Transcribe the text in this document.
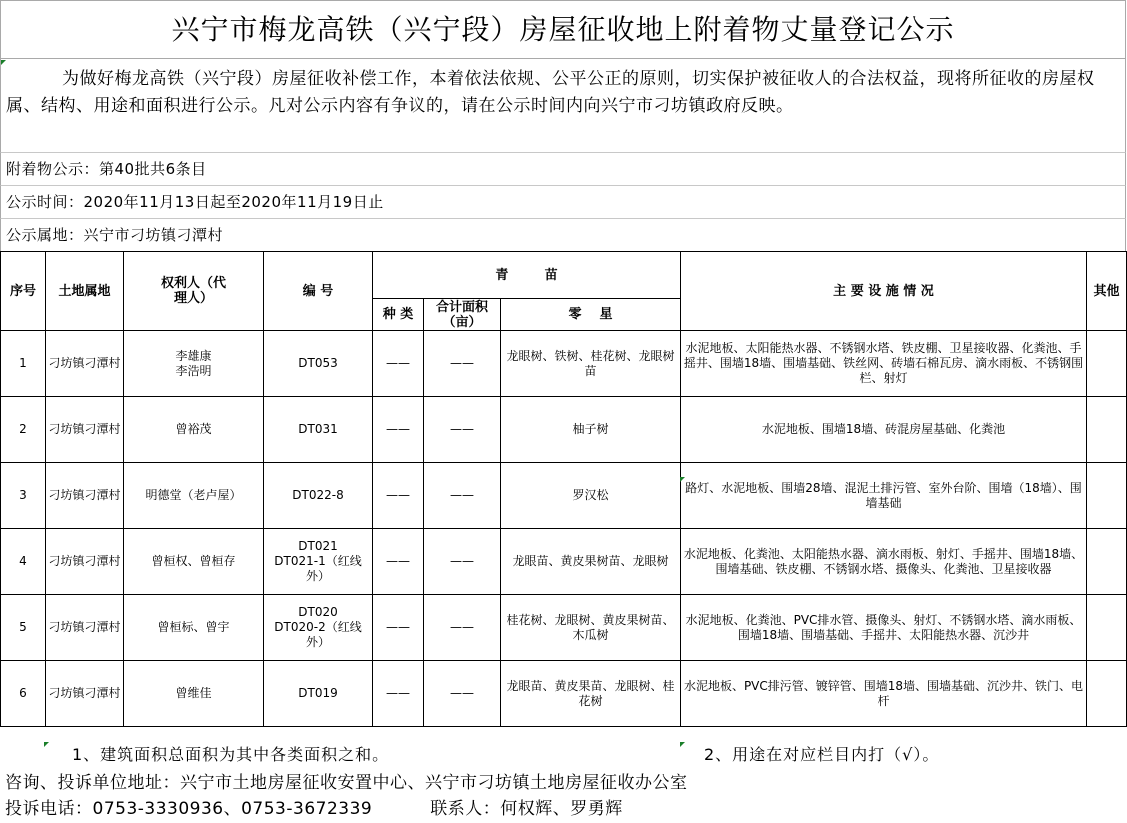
兴宁市梅龙高铁（兴宁段）房屋征收地上附着物丈量登记公示
为做好梅龙高铁（兴宁段）房屋征收补偿工作，本着依法依规、公平公正的原则，切实保护被征收人的合法权益，现将所征收的房屋权属、结构、用途和面积进行公示。凡对公示内容有争议的，请在公示时间内向兴宁市刁坊镇政府反映。
附着物公示：第40批共6条目
公示时间：2020年11月13日起至2020年11月19日止
公示属地：兴宁市刁坊镇刁潭村
序号	土地属地	权利人（代理人）	编 号	青        苗			主 要 设 施 情 况	其他
				种 类	合计面积（亩）	零    星		
1	刁坊镇刁潭村	李雄康
李浩明	DT053	——	——	龙眼树、铁树、桂花树、龙眼树苗	水泥地板、太阳能热水器、不锈钢水塔、铁皮棚、卫星接收器、化粪池、手摇井、围墙18墙、围墙基础、铁丝网、砖墙石棉瓦房、滴水雨板、不锈钢围栏、射灯	
2	刁坊镇刁潭村	曾裕茂	DT031	——	——	柚子树	水泥地板、围墙18墙、砖混房屋基础、化粪池	
3	刁坊镇刁潭村	明德堂（老卢屋）	DT022-8	——	——	罗汉松	路灯、水泥地板、围墙28墙、混泥土排污管、室外台阶、围墙（18墙）、围墙基础	
4	刁坊镇刁潭村	曾桓权、曾桓存	DT021
DT021-1（红线外）	——	——	龙眼苗、黄皮果树苗、龙眼树	水泥地板、化粪池、太阳能热水器、滴水雨板、射灯、手摇井、围墙18墙、围墙基础、铁皮棚、不锈钢水塔、摄像头、化粪池、卫星接收器	
5	刁坊镇刁潭村	曾桓标、曾宇	DT020
DT020-2（红线外）	——	——	桂花树、龙眼树、黄皮果树苗、木瓜树	水泥地板、化粪池、PVC排水管、摄像头、射灯、不锈钢水塔、滴水雨板、围墙18墙、围墙基础、手摇井、太阳能热水器、沉沙井	
6	刁坊镇刁潭村	曾维佳	DT019	——	——	龙眼苗、黄皮果苗、龙眼树、桂花树	水泥地板、PVC排污管、镀锌管、围墙18墙、围墙基础、沉沙井、铁门、电杆	
1、建筑面积总面积为其中各类面积之和。	2、用途在对应栏目内打（√）。
咨询、投诉单位地址：兴宁市土地房屋征收安置中心、兴宁市刁坊镇土地房屋征收办公室
投诉电话：0753-3330936、0753-3672339	联系人：何权辉、罗勇辉
